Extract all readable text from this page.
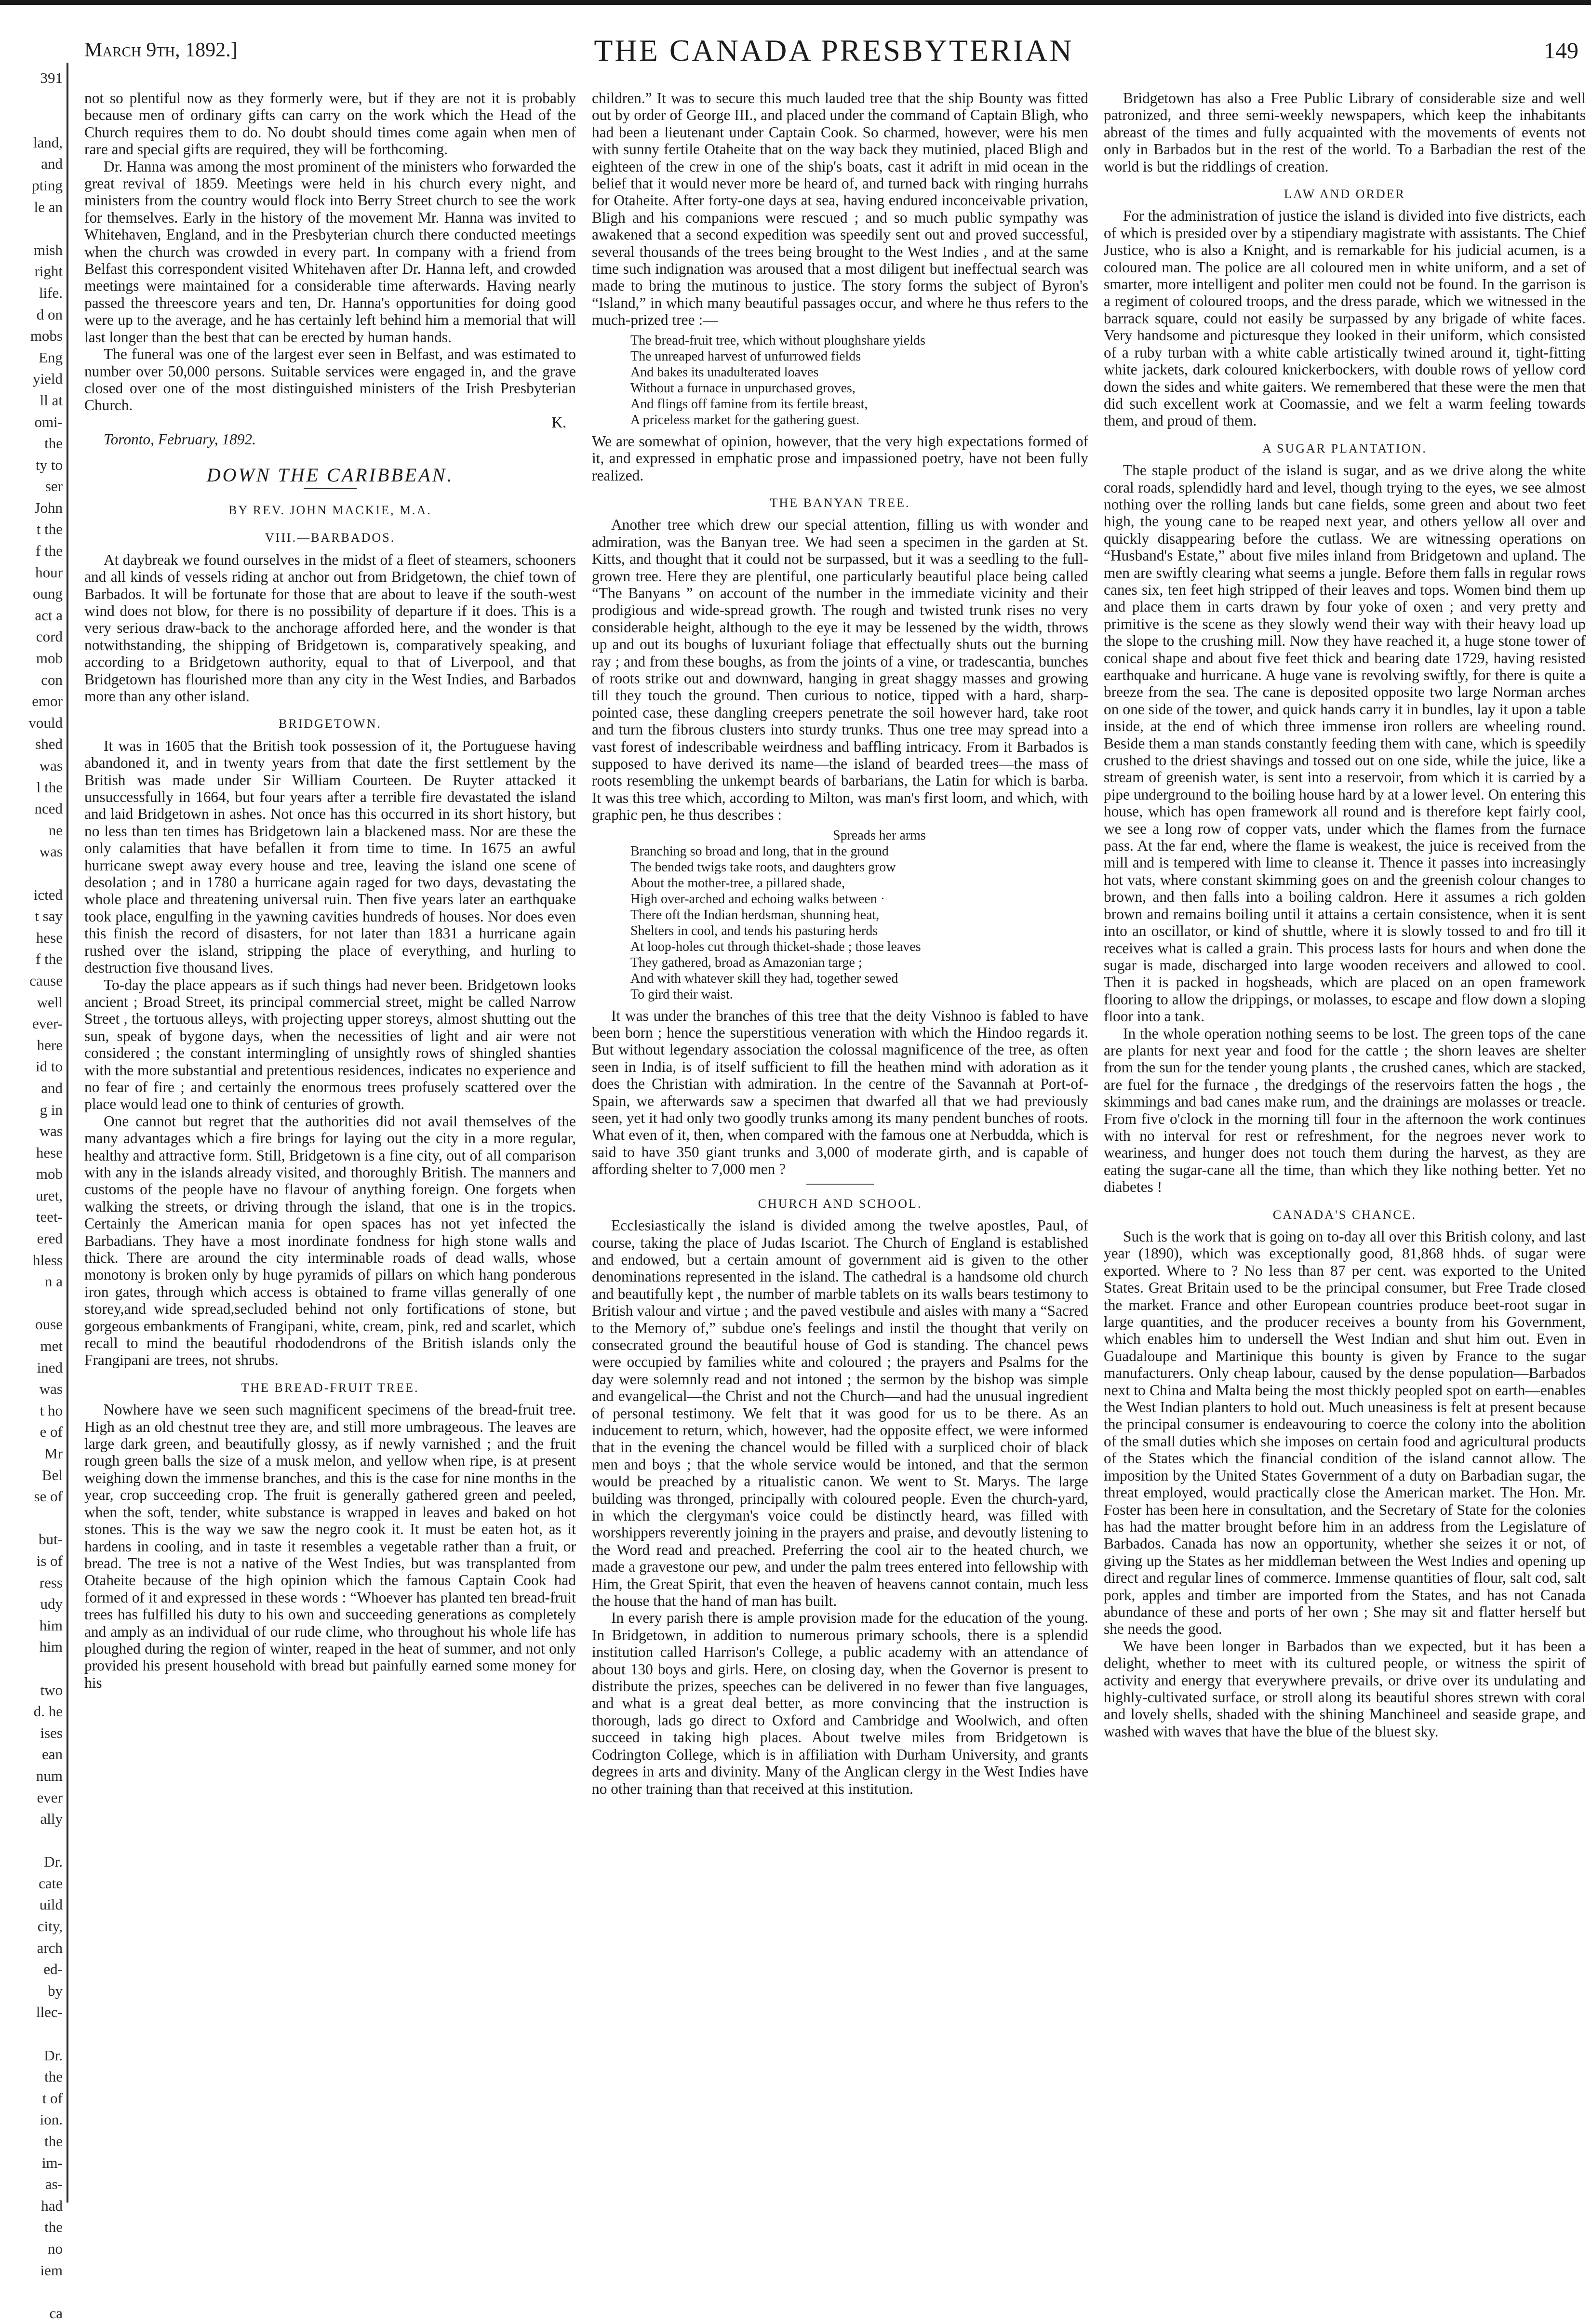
391
land,
and
pting
le an
mish
right
life.
d on
mobs
Eng
yield
ll at
omi-
the
ty to
ser
John
t the
f the
hour
oung
act a
cord
mob
con
emor
vould
shed
was
l the
nced
ne
was
icted
t say
hese
f the
cause
well
ever-
here
id to
and
g in
was
hese
mob
uret,
teet-
ered
hless
n a
ouse
met
ined
was
t ho
e of
Mr
Bel
se of
but-
is of
ress
udy
him
him
two
d. he
ises
ean
num
ever
ally
Dr.
cate
uild
city,
arch
ed-
by
llec-
Dr.
the
t of
ion.
the
im-
as-
had
the
no
iem
ca
March 9th, 1892.]	THE CANADA PRESBYTERIAN	149

not so plentiful now as they formerly were, but if they are not it is probably because men of ordinary gifts can carry on the work which the Head of the Church requires them to do. No doubt should times come again when men of rare and special gifts are required, they will be forthcoming.

Dr. Hanna was among the most prominent of the ministers who forwarded the great revival of 1859. Meetings were held in his church every night, and ministers from the country would flock into Berry Street church to see the work for themselves. Early in the history of the movement Mr. Hanna was invited to Whitehaven, England, and in the Presbyterian church there conducted meetings when the church was crowded in every part. In company with a friend from Belfast this correspondent visited Whitehaven after Dr. Hanna left, and crowded meetings were maintained for a considerable time afterwards. Having nearly passed the threescore years and ten, Dr. Hanna's opportunities for doing good were up to the average, and he has certainly left behind him a memorial that will last longer than the best that can be erected by human hands.

The funeral was one of the largest ever seen in Belfast, and was estimated to number over 50,000 persons. Suitable services were engaged in, and the grave closed over one of the most distinguished ministers of the Irish Presbyterian Church.

K.

Toronto, February, 1892.

DOWN THE CARIBBEAN.
BY REV. JOHN MACKIE, M.A.
VIII.—BARBADOS.

At daybreak we found ourselves in the midst of a fleet of steamers, schooners and all kinds of vessels riding at anchor out from Bridgetown, the chief town of Barbados. It will be fortunate for those that are about to leave if the south-west wind does not blow, for there is no possibility of departure if it does. This is a very serious draw-back to the anchorage afforded here, and the wonder is that notwithstanding, the shipping of Bridgetown is, comparatively speaking, and according to a Bridgetown authority, equal to that of Liverpool, and that Bridgetown has flourished more than any city in the West Indies, and Barbados more than any other island.

BRIDGETOWN.

It was in 1605 that the British took possession of it, the Portuguese having abandoned it, and in twenty years from that date the first settlement by the British was made under Sir William Courteen. De Ruyter attacked it unsuccessfully in 1664, but four years after a terrible fire devastated the island and laid Bridgetown in ashes. Not once has this occurred in its short history, but no less than ten times has Bridgetown lain a blackened mass. Nor are these the only calamities that have befallen it from time to time. In 1675 an awful hurricane swept away every house and tree, leaving the island one scene of desolation ; and in 1780 a hurricane again raged for two days, devastating the whole place and threatening universal ruin. Then five years later an earthquake took place, engulfing in the yawning cavities hundreds of houses. Nor does even this finish the record of disasters, for not later than 1831 a hurricane again rushed over the island, stripping the place of everything, and hurling to destruction five thousand lives.

To-day the place appears as if such things had never been. Bridgetown looks ancient ; Broad Street, its principal commercial street, might be called Narrow Street , the tortuous alleys, with projecting upper storeys, almost shutting out the sun, speak of bygone days, when the necessities of light and air were not considered ; the constant intermingling of unsightly rows of shingled shanties with the more substantial and pretentious residences, indicates no experience and no fear of fire ; and certainly the enormous trees profusely scattered over the place would lead one to think of centuries of growth.

One cannot but regret that the authorities did not avail themselves of the many advantages which a fire brings for laying out the city in a more regular, healthy and attractive form. Still, Bridgetown is a fine city, out of all comparison with any in the islands already visited, and thoroughly British. The manners and customs of the people have no flavour of anything foreign. One forgets when walking the streets, or driving through the island, that one is in the tropics. Certainly the American mania for open spaces has not yet infected the Barbadians. They have a most inordinate fondness for high stone walls and thick. There are around the city interminable roads of dead walls, whose monotony is broken only by huge pyramids of pillars on which hang ponderous iron gates, through which access is obtained to frame villas generally of one storey,and wide spread,secluded behind not only fortifications of stone, but gorgeous embankments of Frangipani, white, cream, pink, red and scarlet, which recall to mind the beautiful rhododendrons of the British islands only the Frangipani are trees, not shrubs.

THE BREAD-FRUIT TREE.

Nowhere have we seen such magnificent specimens of the bread-fruit tree. High as an old chestnut tree they are, and still more umbrageous. The leaves are large dark green, and beautifully glossy, as if newly varnished ; and the fruit rough green balls the size of a musk melon, and yellow when ripe, is at present weighing down the immense branches, and this is the case for nine months in the year, crop succeeding crop. The fruit is generally gathered green and peeled, when the soft, tender, white substance is wrapped in leaves and baked on hot stones. This is the way we saw the negro cook it. It must be eaten hot, as it hardens in cooling, and in taste it resembles a vegetable rather than a fruit, or bread. The tree is not a native of the West Indies, but was transplanted from Otaheite because of the high opinion which the famous Captain Cook had formed of it and expressed in these words : “Whoever has planted ten bread-fruit trees has fulfilled his duty to his own and succeeding generations as completely and amply as an individual of our rude clime, who throughout his whole life has ploughed during the region of winter, reaped in the heat of summer, and not only provided his present household with bread but painfully earned some money for his

children.” It was to secure this much lauded tree that the ship Bounty was fitted out by order of George III., and placed under the command of Captain Bligh, who had been a lieutenant under Captain Cook. So charmed, however, were his men with sunny fertile Otaheite that on the way back they mutinied, placed Bligh and eighteen of the crew in one of the ship's boats, cast it adrift in mid ocean in the belief that it would never more be heard of, and turned back with ringing hurrahs for Otaheite. After forty-one days at sea, having endured inconceivable privation, Bligh and his companions were rescued ; and so much public sympathy was awakened that a second expedition was speedily sent out and proved successful, several thousands of the trees being brought to the West Indies , and at the same time such indignation was aroused that a most diligent but ineffectual search was made to bring the mutinous to justice. The story forms the subject of Byron's “Island,” in which many beautiful passages occur, and where he thus refers to the much-prized tree :—

The bread-fruit tree, which without ploughshare yields
The unreaped harvest of unfurrowed fields
And bakes its unadulterated loaves
Without a furnace in unpurchased groves,
And flings off famine from its fertile breast,
A priceless market for the gathering guest.

We are somewhat of opinion, however, that the very high expectations formed of it, and expressed in emphatic prose and impassioned poetry, have not been fully realized.

THE BANYAN TREE.

Another tree which drew our special attention, filling us with wonder and admiration, was the Banyan tree. We had seen a specimen in the garden at St. Kitts, and thought that it could not be surpassed, but it was a seedling to the full-grown tree. Here they are plentiful, one particularly beautiful place being called “The Banyans ” on account of the number in the immediate vicinity and their prodigious and wide-spread growth. The rough and twisted trunk rises no very considerable height, although to the eye it may be lessened by the width, throws up and out its boughs of luxuriant foliage that effectually shuts out the burning ray ; and from these boughs, as from the joints of a vine, or tradescantia, bunches of roots strike out and downward, hanging in great shaggy masses and growing till they touch the ground. Then curious to notice, tipped with a hard, sharp-pointed case, these dangling creepers penetrate the soil however hard, take root and turn the fibrous clusters into sturdy trunks. Thus one tree may spread into a vast forest of indescribable weirdness and baffling intricacy. From it Barbados is supposed to have derived its name—the island of bearded trees—the mass of roots resembling the unkempt beards of barbarians, the Latin for which is barba. It was this tree which, according to Milton, was man's first loom, and which, with graphic pen, he thus describes :

Spreads her arms
Branching so broad and long, that in the ground
The bended twigs take roots, and daughters grow
About the mother-tree, a pillared shade,
High over-arched and echoing walks between ·
There oft the Indian herdsman, shunning heat,
Shelters in cool, and tends his pasturing herds
At loop-holes cut through thicket-shade ; those leaves
They gathered, broad as Amazonian targe ;
And with whatever skill they had, together sewed
To gird their waist.

It was under the branches of this tree that the deity Vishnoo is fabled to have been born ; hence the superstitious veneration with which the Hindoo regards it. But without legendary association the colossal magnificence of the tree, as often seen in India, is of itself sufficient to fill the heathen mind with adoration as it does the Christian with admiration. In the centre of the Savannah at Port-of-Spain, we afterwards saw a specimen that dwarfed all that we had previously seen, yet it had only two goodly trunks among its many pendent bunches of roots. What even of it, then, when compared with the famous one at Nerbudda, which is said to have 350 giant trunks and 3,000 of moderate girth, and is capable of affording shelter to 7,000 men ?

CHURCH AND SCHOOL.

Ecclesiastically the island is divided among the twelve apostles, Paul, of course, taking the place of Judas Iscariot. The Church of England is established and endowed, but a certain amount of government aid is given to the other denominations represented in the island. The cathedral is a handsome old church and beautifully kept , the number of marble tablets on its walls bears testimony to British valour and virtue ; and the paved vestibule and aisles with many a “Sacred to the Memory of,” subdue one's feelings and instil the thought that verily on consecrated ground the beautiful house of God is standing. The chancel pews were occupied by families white and coloured ; the prayers and Psalms for the day were solemnly read and not intoned ; the sermon by the bishop was simple and evangelical—the Christ and not the Church—and had the unusual ingredient of personal testimony. We felt that it was good for us to be there. As an inducement to return, which, however, had the opposite effect, we were informed that in the evening the chancel would be filled with a surpliced choir of black men and boys ; that the whole service would be intoned, and that the sermon would be preached by a ritualistic canon. We went to St. Marys. The large building was thronged, principally with coloured people. Even the church-yard, in which the clergyman's voice could be distinctly heard, was filled with worshippers reverently joining in the prayers and praise, and devoutly listening to the Word read and preached. Preferring the cool air to the heated church, we made a gravestone our pew, and under the palm trees entered into fellowship with Him, the Great Spirit, that even the heaven of heavens cannot contain, much less the house that the hand of man has built.

In every parish there is ample provision made for the education of the young. In Bridgetown, in addition to numerous primary schools, there is a splendid institution called Harrison's College, a public academy with an attendance of about 130 boys and girls. Here, on closing day, when the Governor is present to distribute the prizes, speeches can be delivered in no fewer than five languages, and what is a great deal better, as more convincing that the instruction is thorough, lads go direct to Oxford and Cambridge and Woolwich, and often succeed in taking high places. About twelve miles from Bridgetown is Codrington College, which is in affiliation with Durham University, and grants degrees in arts and divinity. Many of the Anglican clergy in the West Indies have no other training than that received at this institution.

Bridgetown has also a Free Public Library of considerable size and well patronized, and three semi-weekly newspapers, which keep the inhabitants abreast of the times and fully acquainted with the movements of events not only in Barbados but in the rest of the world. To a Barbadian the rest of the world is but the riddlings of creation.

LAW AND ORDER

For the administration of justice the island is divided into five districts, each of which is presided over by a stipendiary magistrate with assistants. The Chief Justice, who is also a Knight, and is remarkable for his judicial acumen, is a coloured man. The police are all coloured men in white uniform, and a set of smarter, more intelligent and politer men could not be found. In the garrison is a regiment of coloured troops, and the dress parade, which we witnessed in the barrack square, could not easily be surpassed by any brigade of white faces. Very handsome and picturesque they looked in their uniform, which consisted of a ruby turban with a white cable artistically twined around it, tight-fitting white jackets, dark coloured knickerbockers, with double rows of yellow cord down the sides and white gaiters. We remembered that these were the men that did such excellent work at Coomassie, and we felt a warm feeling towards them, and proud of them.

A SUGAR PLANTATION.

The staple product of the island is sugar, and as we drive along the white coral roads, splendidly hard and level, though trying to the eyes, we see almost nothing over the rolling lands but cane fields, some green and about two feet high, the young cane to be reaped next year, and others yellow all over and quickly disappearing before the cutlass. We are witnessing operations on “Husband's Estate,” about five miles inland from Bridgetown and upland. The men are swiftly clearing what seems a jungle. Before them falls in regular rows canes six, ten feet high stripped of their leaves and tops. Women bind them up and place them in carts drawn by four yoke of oxen ; and very pretty and primitive is the scene as they slowly wend their way with their heavy load up the slope to the crushing mill. Now they have reached it, a huge stone tower of conical shape and about five feet thick and bearing date 1729, having resisted earthquake and hurricane. A huge vane is revolving swiftly, for there is quite a breeze from the sea. The cane is deposited opposite two large Norman arches on one side of the tower, and quick hands carry it in bundles, lay it upon a table inside, at the end of which three immense iron rollers are wheeling round. Beside them a man stands constantly feeding them with cane, which is speedily crushed to the driest shavings and tossed out on one side, while the juice, like a stream of greenish water, is sent into a reservoir, from which it is carried by a pipe underground to the boiling house hard by at a lower level. On entering this house, which has open framework all round and is therefore kept fairly cool, we see a long row of copper vats, under which the flames from the furnace pass. At the far end, where the flame is weakest, the juice is received from the mill and is tempered with lime to cleanse it. Thence it passes into increasingly hot vats, where constant skimming goes on and the greenish colour changes to brown, and then falls into a boiling caldron. Here it assumes a rich golden brown and remains boiling until it attains a certain consistence, when it is sent into an oscillator, or kind of shuttle, where it is slowly tossed to and fro till it receives what is called a grain. This process lasts for hours and when done the sugar is made, discharged into large wooden receivers and allowed to cool. Then it is packed in hogsheads, which are placed on an open framework flooring to allow the drippings, or molasses, to escape and flow down a sloping floor into a tank.

In the whole operation nothing seems to be lost. The green tops of the cane are plants for next year and food for the cattle ; the shorn leaves are shelter from the sun for the tender young plants , the crushed canes, which are stacked, are fuel for the furnace , the dredgings of the reservoirs fatten the hogs , the skimmings and bad canes make rum, and the drainings are molasses or treacle. From five o'clock in the morning till four in the afternoon the work continues with no interval for rest or refreshment, for the negroes never work to weariness, and hunger does not touch them during the harvest, as they are eating the sugar-cane all the time, than which they like nothing better. Yet no diabetes !

CANADA'S CHANCE.

Such is the work that is going on to-day all over this British colony, and last year (1890), which was exceptionally good, 81,868 hhds. of sugar were exported. Where to ? No less than 87 per cent. was exported to the United States. Great Britain used to be the principal consumer, but Free Trade closed the market. France and other European countries produce beet-root sugar in large quantities, and the producer receives a bounty from his Government, which enables him to undersell the West Indian and shut him out. Even in Guadaloupe and Martinique this bounty is given by France to the sugar manufacturers. Only cheap labour, caused by the dense population—Barbados next to China and Malta being the most thickly peopled spot on earth—enables the West Indian planters to hold out. Much uneasiness is felt at present because the principal consumer is endeavouring to coerce the colony into the abolition of the small duties which she imposes on certain food and agricultural products of the States which the financial condition of the island cannot allow. The imposition by the United States Government of a duty on Barbadian sugar, the threat employed, would practically close the American market. The Hon. Mr. Foster has been here in consultation, and the Secretary of State for the colonies has had the matter brought before him in an address from the Legislature of Barbados. Canada has now an opportunity, whether she seizes it or not, of giving up the States as her middleman between the West Indies and opening up direct and regular lines of commerce. Immense quantities of flour, salt cod, salt pork, apples and timber are imported from the States, and has not Canada abundance of these and ports of her own ; She may sit and flatter herself but she needs the good.

We have been longer in Barbados than we expected, but it has been a delight, whether to meet with its cultured people, or witness the spirit of activity and energy that everywhere prevails, or drive over its undulating and highly-cultivated surface, or stroll along its beautiful shores strewn with coral and lovely shells, shaded with the shining Manchineel and seaside grape, and washed with waves that have the blue of the bluest sky.
